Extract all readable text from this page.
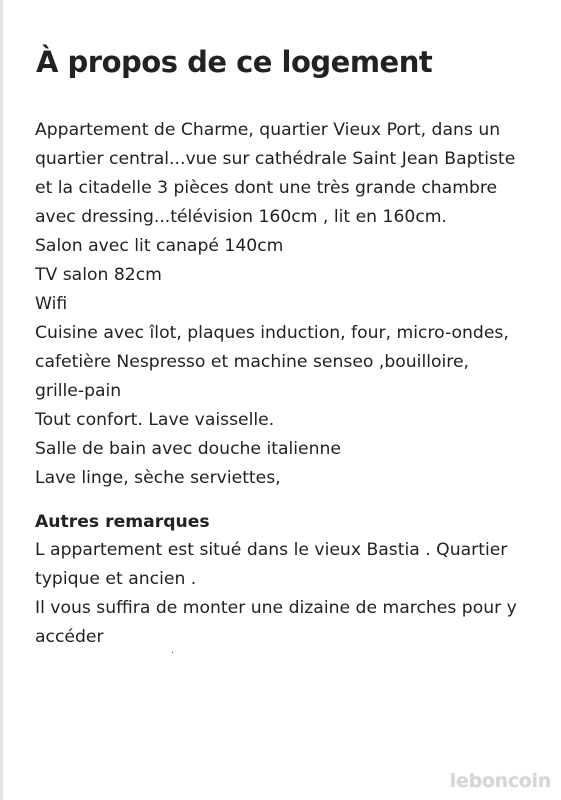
À propos de ce logement
Appartement de Charme, quartier Vieux Port, dans un
quartier central...vue sur cathédrale Saint Jean Baptiste
et la citadelle 3 pièces dont une très grande chambre
avec dressing...télévision 160cm , lit en 160cm.
Salon avec lit canapé 140cm
TV salon 82cm
Wifi
Cuisine avec îlot, plaques induction, four, micro-ondes,
cafetière Nespresso et machine senseo ,bouilloire,
grille-pain
Tout confort. Lave vaisselle.
Salle de bain avec douche italienne
Lave linge, sèche serviettes,
Autres remarques
L appartement est situé dans le vieux Bastia . Quartier
typique et ancien .
Il vous suffira de monter une dizaine de marches pour y
accéder
leboncoin
